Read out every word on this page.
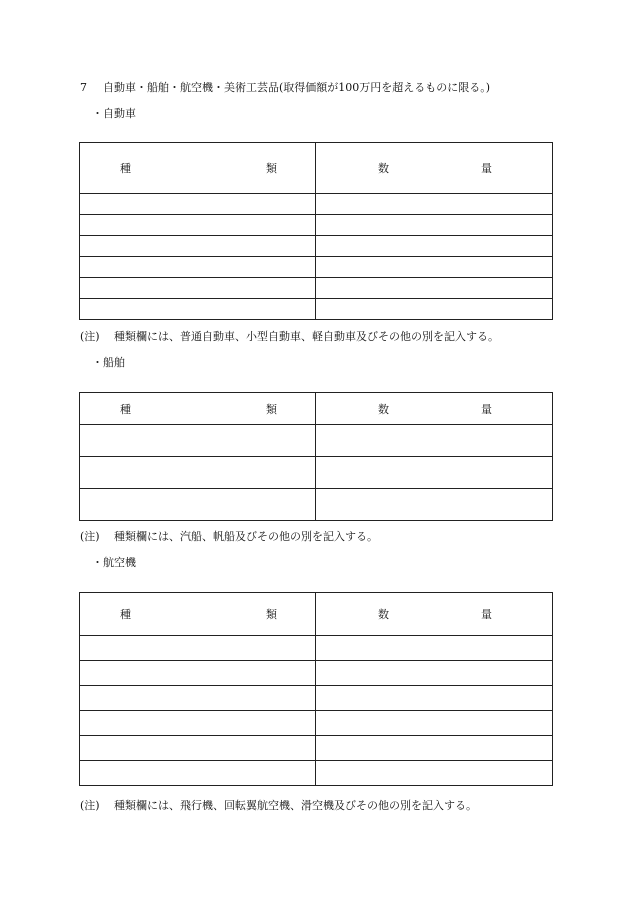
7 自動車・船舶・航空機・美術工芸品(取得価額が100万円を超えるものに限る。)
・自動車
種 類	数 量

(注) 種類欄には、普通自動車、小型自動車、軽自動車及びその他の別を記入する。
・船舶
種 類	数 量

(注) 種類欄には、汽船、帆船及びその他の別を記入する。
・航空機
種 類	数 量

(注) 種類欄には、飛行機、回転翼航空機、滑空機及びその他の別を記入する。
